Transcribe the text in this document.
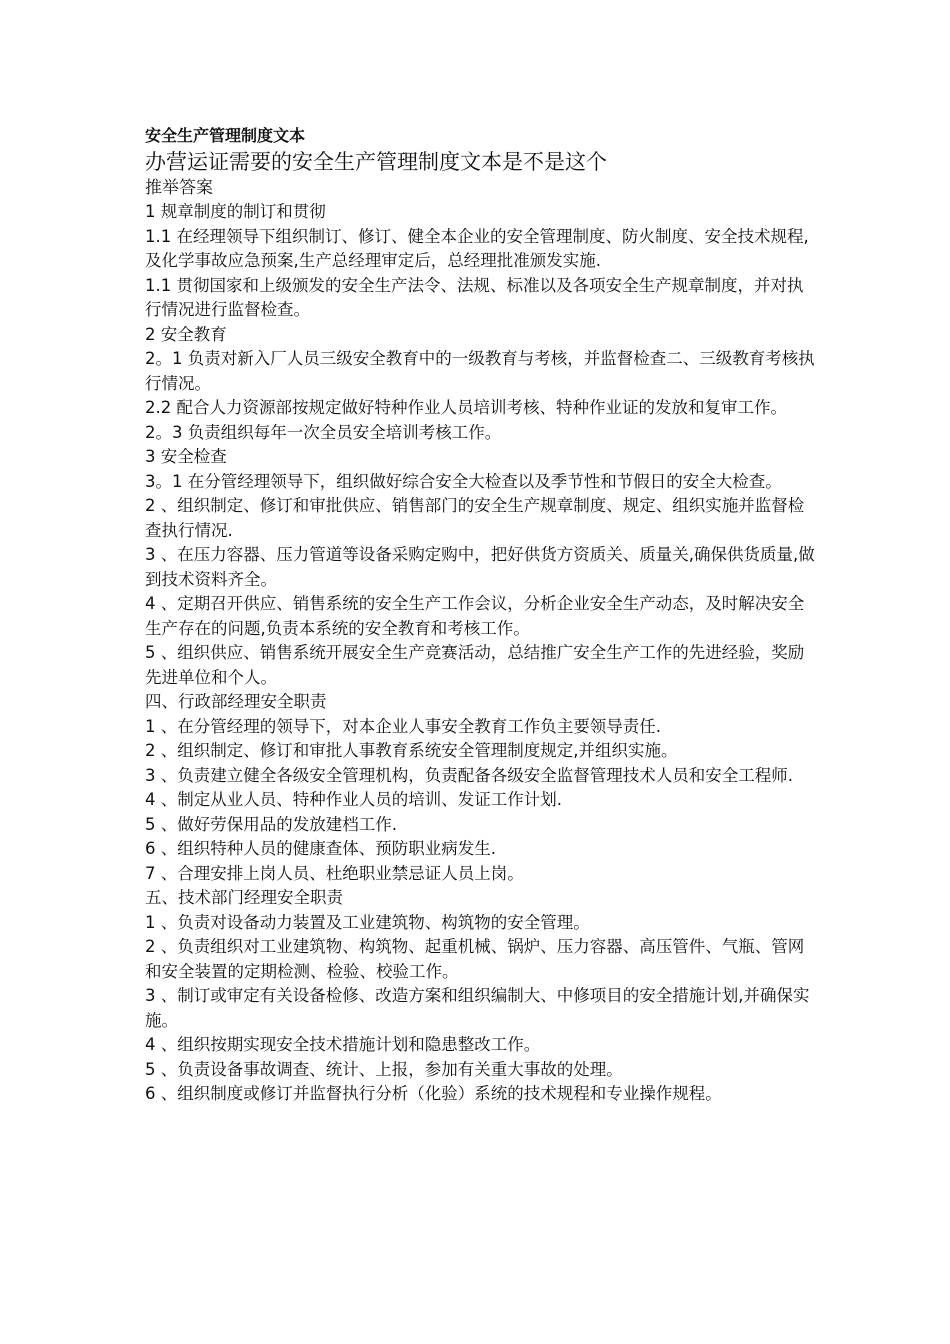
安全生产管理制度文本

办营运证需要的安全生产管理制度文本是不是这个

推举答案

1 规章制度的制订和贯彻

1.1 在经理领导下组织制订、修订、健全本企业的安全管理制度、防火制度、安全技术规程,及化学事故应急预案,生产总经理审定后，总经理批准颁发实施.

1.1 贯彻国家和上级颁发的安全生产法令、法规、标准以及各项安全生产规章制度，并对执行情况进行监督检查。

2 安全教育

2。1 负责对新入厂人员三级安全教育中的一级教育与考核，并监督检查二、三级教育考核执行情况。

2.2 配合人力资源部按规定做好特种作业人员培训考核、特种作业证的发放和复审工作。

2。3 负责组织每年一次全员安全培训考核工作。

3 安全检查

3。1 在分管经理领导下，组织做好综合安全大检查以及季节性和节假日的安全大检查。

2 、组织制定、修订和审批供应、销售部门的安全生产规章制度、规定、组织实施并监督检查执行情况.

3 、在压力容器、压力管道等设备采购定购中，把好供货方资质关、质量关,确保供货质量,做到技术资料齐全。

4 、定期召开供应、销售系统的安全生产工作会议，分析企业安全生产动态，及时解决安全生产存在的问题,负责本系统的安全教育和考核工作。

5 、组织供应、销售系统开展安全生产竞赛活动，总结推广安全生产工作的先进经验，奖励先进单位和个人。

四、行政部经理安全职责

1 、在分管经理的领导下，对本企业人事安全教育工作负主要领导责任.

2 、组织制定、修订和审批人事教育系统安全管理制度规定,并组织实施。

3 、负责建立健全各级安全管理机构，负责配备各级安全监督管理技术人员和安全工程师.

4 、制定从业人员、特种作业人员的培训、发证工作计划.

5 、做好劳保用品的发放建档工作.

6 、组织特种人员的健康查体、预防职业病发生.

7 、合理安排上岗人员、杜绝职业禁忌证人员上岗。

五、技术部门经理安全职责

1 、负责对设备动力装置及工业建筑物、构筑物的安全管理。

2 、负责组织对工业建筑物、构筑物、起重机械、锅炉、压力容器、高压管件、气瓶、管网和安全装置的定期检测、检验、校验工作。

3 、制订或审定有关设备检修、改造方案和组织编制大、中修项目的安全措施计划,并确保实施。

4 、组织按期实现安全技术措施计划和隐患整改工作。

5 、负责设备事故调查、统计、上报，参加有关重大事故的处理。

6 、组织制度或修订并监督执行分析（化验）系统的技术规程和专业操作规程。
